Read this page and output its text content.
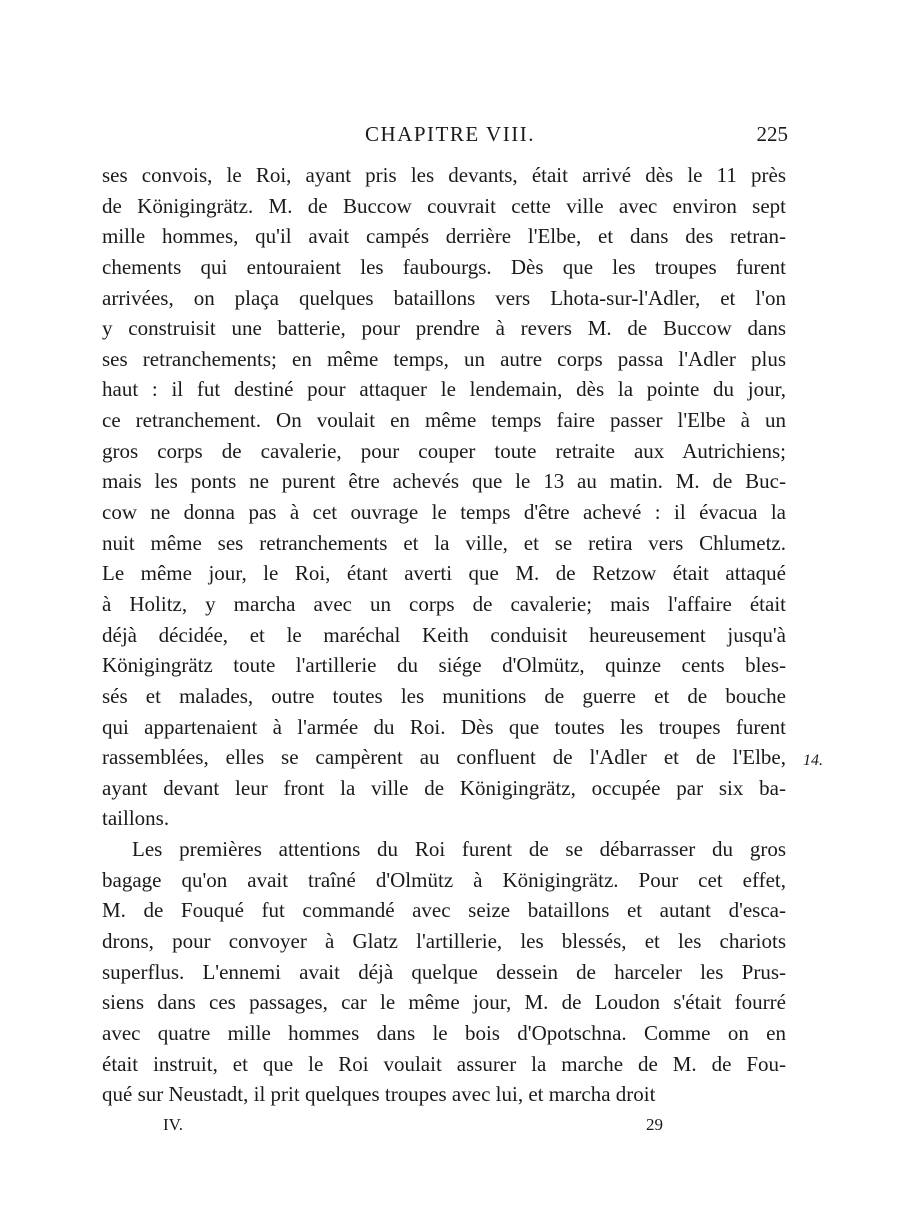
CHAPITRE VIII.	225
ses convois, le Roi, ayant pris les devants, était arrivé dès le 11 près
de Königingrätz. M. de Buccow couvrait cette ville avec environ sept
mille hommes, qu'il avait campés derrière l'Elbe, et dans des retran-
chements qui entouraient les faubourgs. Dès que les troupes furent
arrivées, on plaça quelques bataillons vers Lhota-sur-l'Adler, et l'on
y construisit une batterie, pour prendre à revers M. de Buccow dans
ses retranchements; en même temps, un autre corps passa l'Adler plus
haut : il fut destiné pour attaquer le lendemain, dès la pointe du jour,
ce retranchement. On voulait en même temps faire passer l'Elbe à un
gros corps de cavalerie, pour couper toute retraite aux Autrichiens;
mais les ponts ne purent être achevés que le 13 au matin. M. de Buc-
cow ne donna pas à cet ouvrage le temps d'être achevé : il évacua la
nuit même ses retranchements et la ville, et se retira vers Chlumetz.
Le même jour, le Roi, étant averti que M. de Retzow était attaqué
à Holitz, y marcha avec un corps de cavalerie; mais l'affaire était
déjà décidée, et le maréchal Keith conduisit heureusement jusqu'à
Königingrätz toute l'artillerie du siége d'Olmütz, quinze cents bles-
sés et malades, outre toutes les munitions de guerre et de bouche
qui appartenaient à l'armée du Roi. Dès que toutes les troupes furent
rassemblées, elles se campèrent au confluent de l'Adler et de l'Elbe,
ayant devant leur front la ville de Königingrätz, occupée par six ba-
taillons.
Les premières attentions du Roi furent de se débarrasser du gros
bagage qu'on avait traîné d'Olmütz à Königingrätz. Pour cet effet,
M. de Fouqué fut commandé avec seize bataillons et autant d'esca-
drons, pour convoyer à Glatz l'artillerie, les blessés, et les chariots
superflus. L'ennemi avait déjà quelque dessein de harceler les Prus-
siens dans ces passages, car le même jour, M. de Loudon s'était fourré
avec quatre mille hommes dans le bois d'Opotschna. Comme on en
était instruit, et que le Roi voulait assurer la marche de M. de Fou-
qué sur Neustadt, il prit quelques troupes avec lui, et marcha droit
14.
IV.	29
